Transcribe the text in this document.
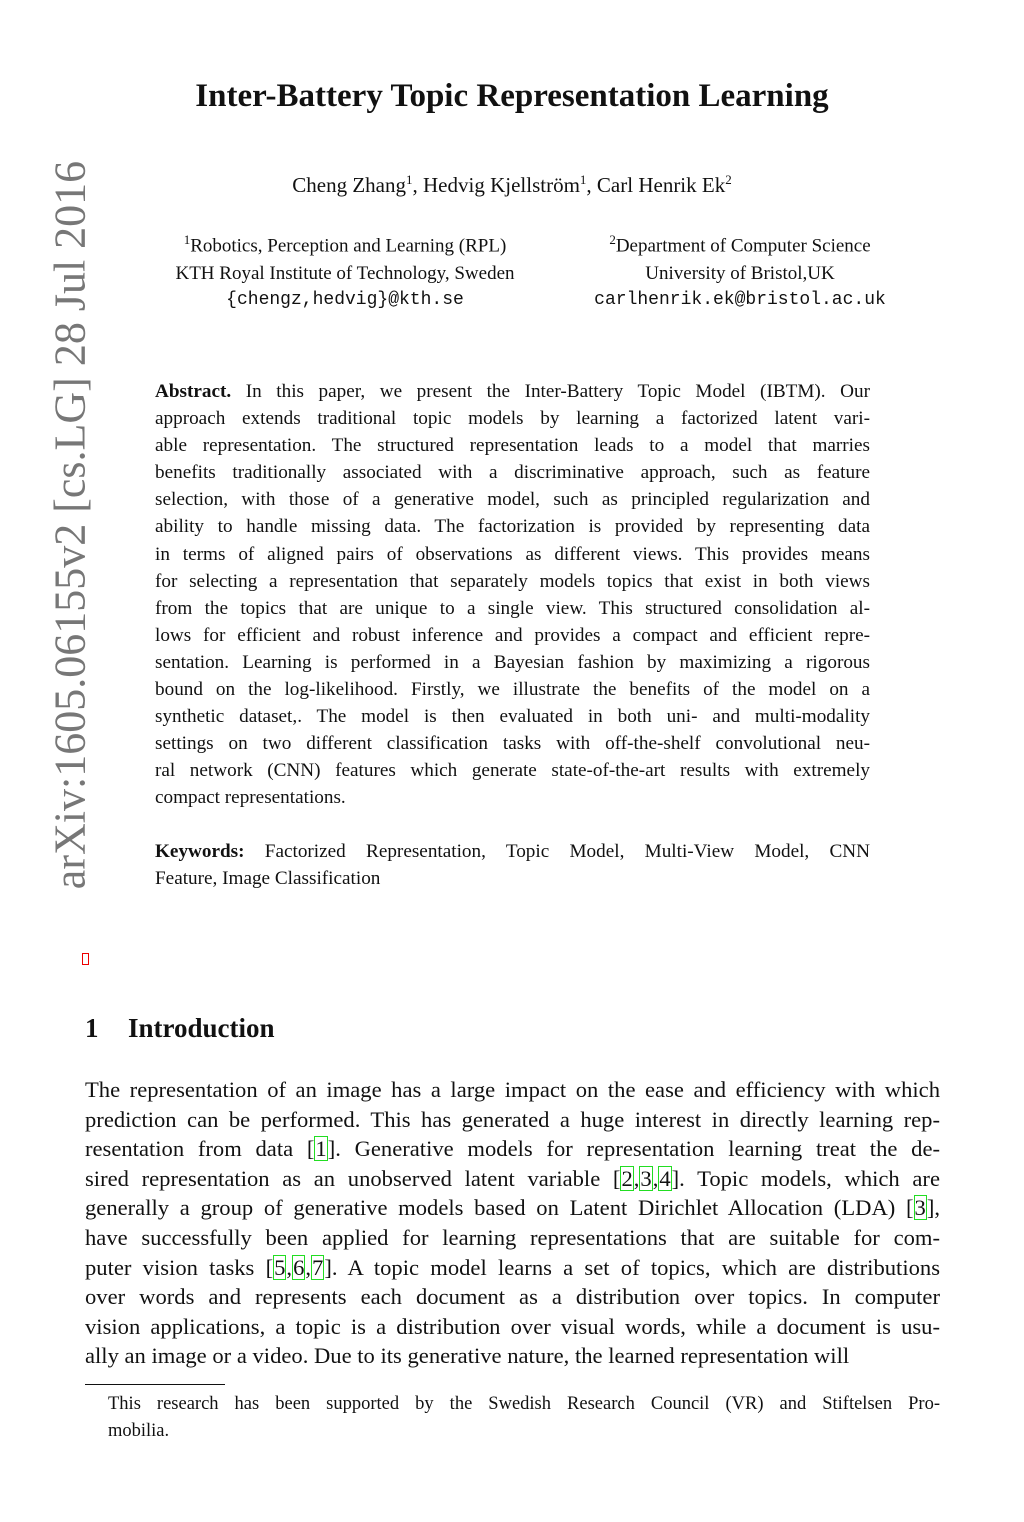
arXiv:1605.06155v2 [cs.LG] 28 Jul 2016
Inter-Battery Topic Representation Learning
Cheng Zhang$^1$, Hedvig Kjellström$^1$, Carl Henrik Ek$^2$
$^1$Robotics, Perception and Learning (RPL)
KTH Royal Institute of Technology, Sweden
{chengz,hedvig}@kth.se
$^2$Department of Computer Science
University of Bristol,UK
carlhenrik.ek@bristol.ac.uk
Abstract. In this paper, we present the Inter-Battery Topic Model (IBTM). Our
approach extends traditional topic models by learning a factorized latent vari-
able representation. The structured representation leads to a model that marries
benefits traditionally associated with a discriminative approach, such as feature
selection, with those of a generative model, such as principled regularization and
ability to handle missing data. The factorization is provided by representing data
in terms of aligned pairs of observations as different views. This provides means
for selecting a representation that separately models topics that exist in both views
from the topics that are unique to a single view. This structured consolidation al-
lows for efficient and robust inference and provides a compact and efficient repre-
sentation. Learning is performed in a Bayesian fashion by maximizing a rigorous
bound on the log-likelihood. Firstly, we illustrate the benefits of the model on a
synthetic dataset,. The model is then evaluated in both uni- and multi-modality
settings on two different classification tasks with off-the-shelf convolutional neu-
ral network (CNN) features which generate state-of-the-art results with extremely
compact representations.
Keywords: Factorized Representation, Topic Model, Multi-View Model, CNN
Feature, Image Classification
1 Introduction
The representation of an image has a large impact on the ease and efficiency with which
prediction can be performed. This has generated a huge interest in directly learning rep-
resentation from data [1]. Generative models for representation learning treat the de-
sired representation as an unobserved latent variable [2,3,4]. Topic models, which are
generally a group of generative models based on Latent Dirichlet Allocation (LDA) [3],
have successfully been applied for learning representations that are suitable for com-
puter vision tasks [5,6,7]. A topic model learns a set of topics, which are distributions
over words and represents each document as a distribution over topics. In computer
vision applications, a topic is a distribution over visual words, while a document is usu-
ally an image or a video. Due to its generative nature, the learned representation will
This research has been supported by the Swedish Research Council (VR) and Stiftelsen Pro-
mobilia.
